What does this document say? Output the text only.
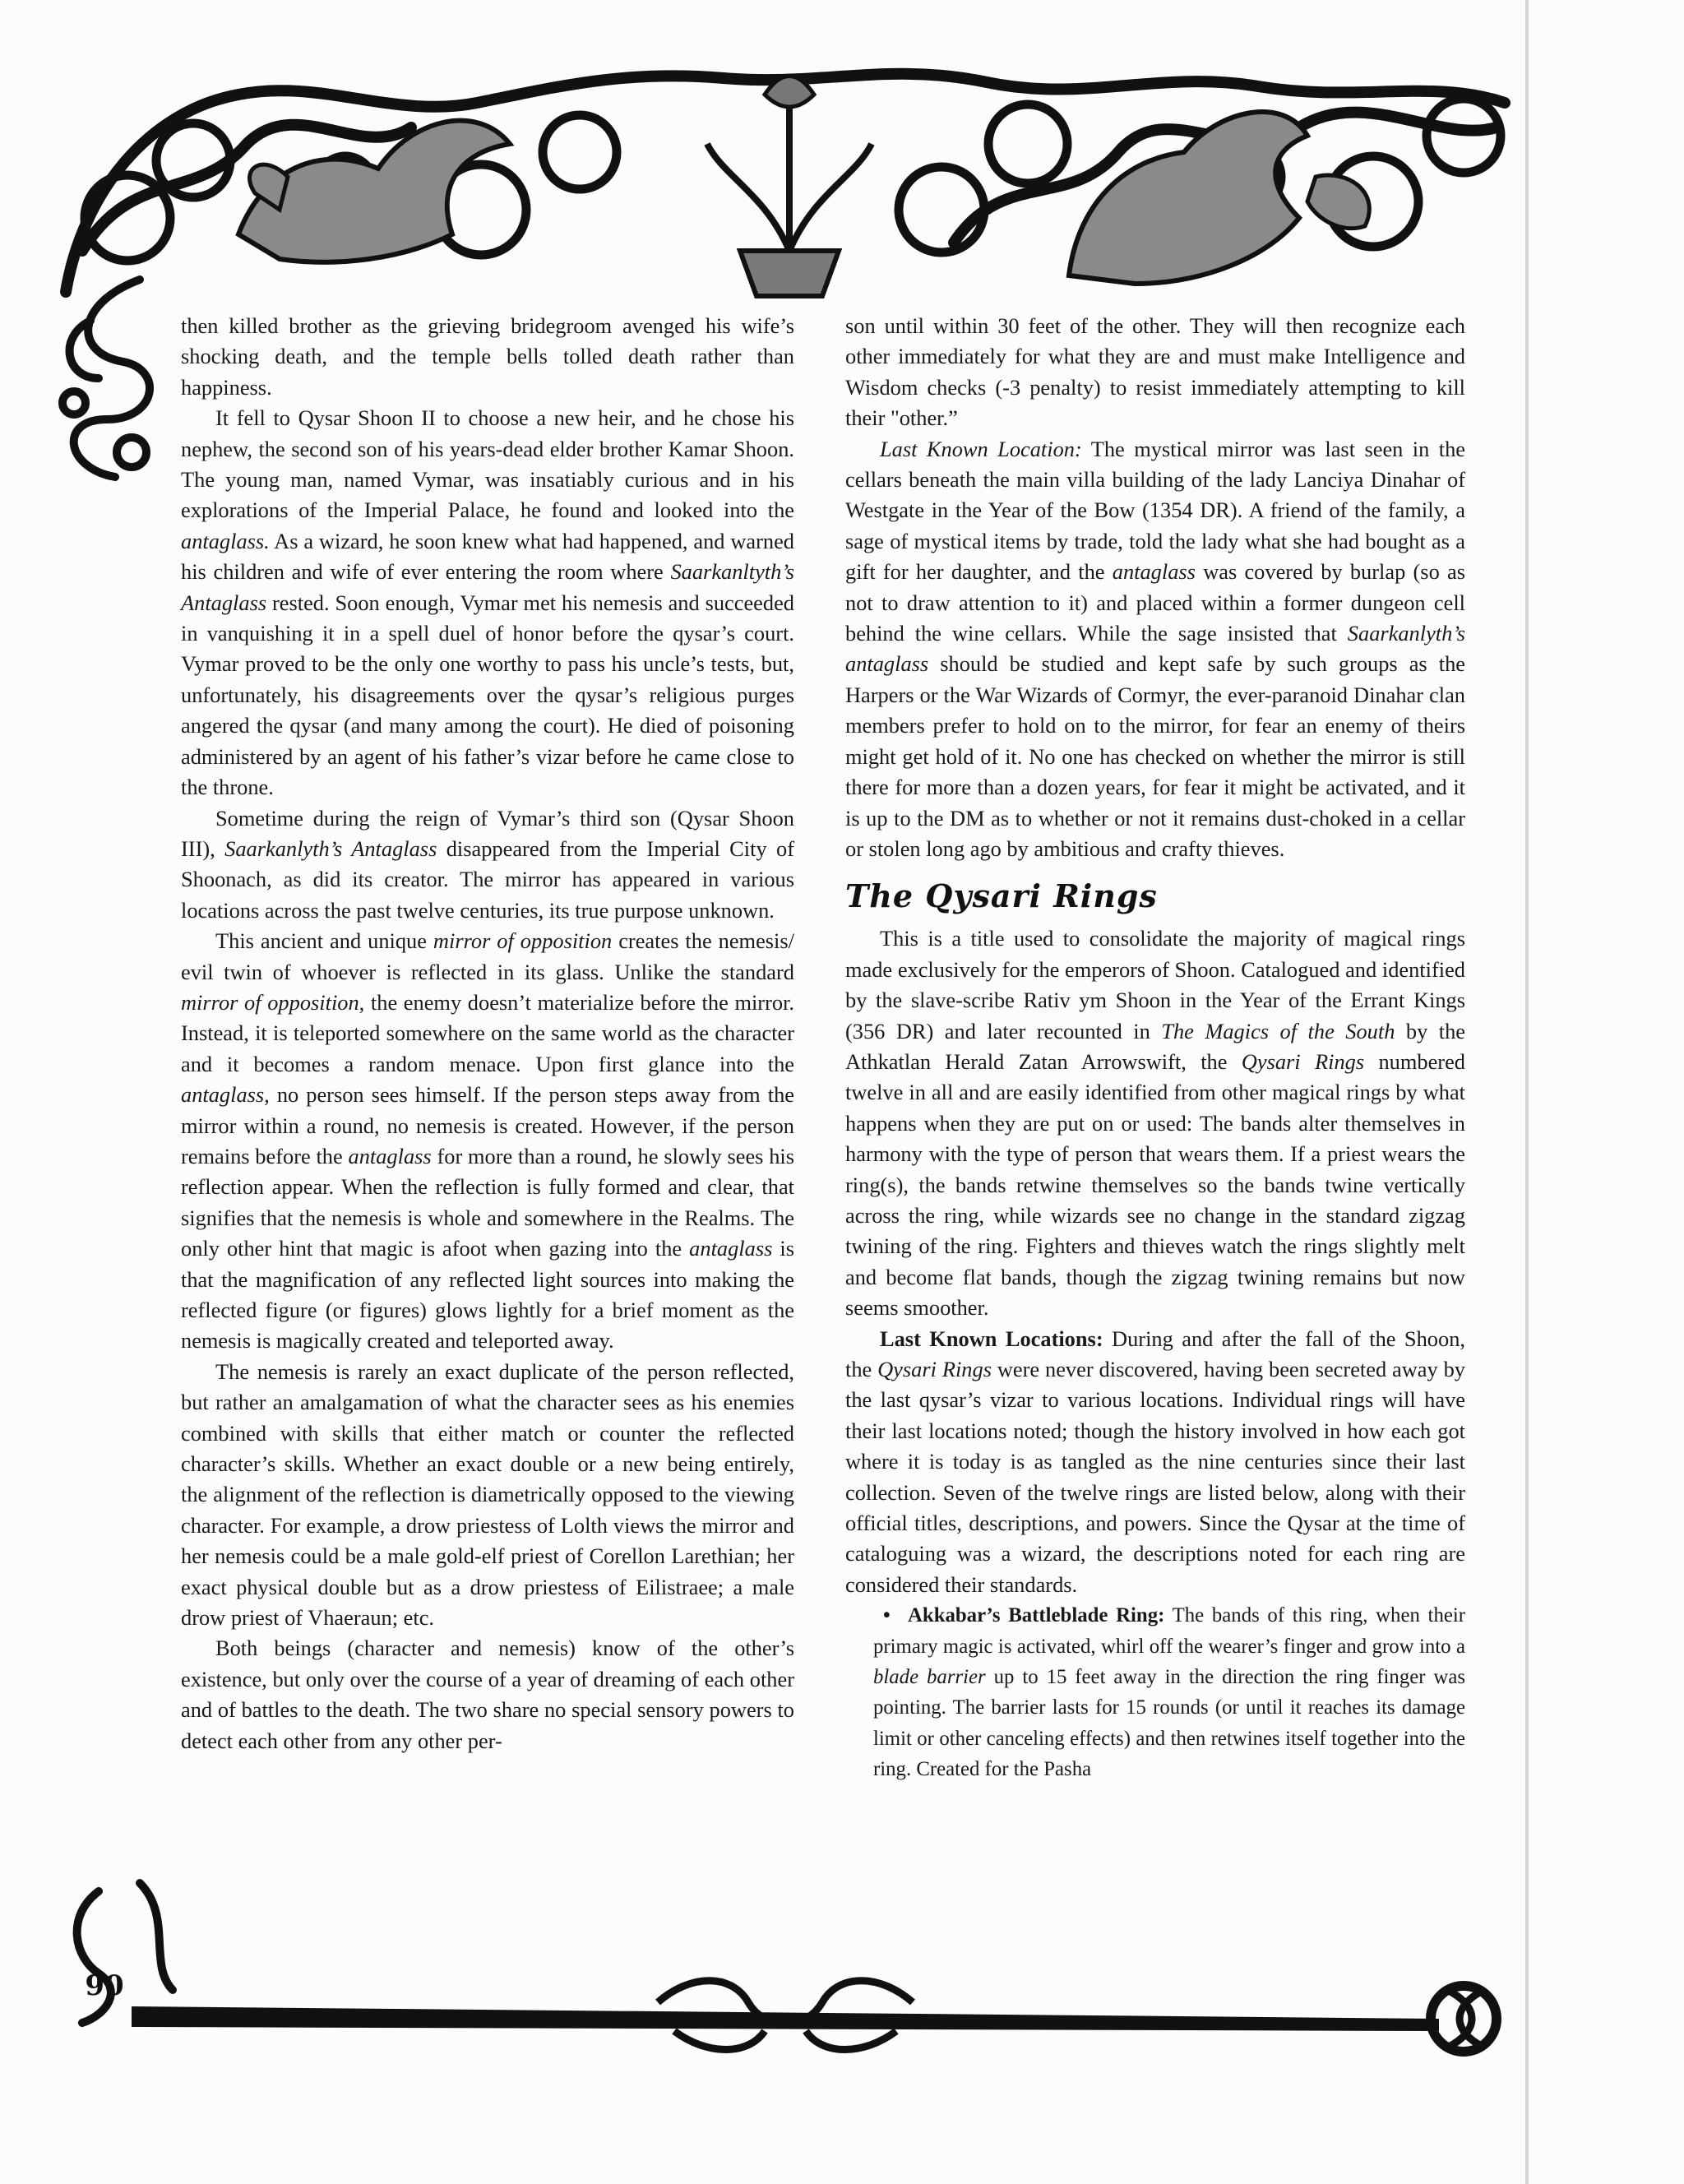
90

then killed brother as the grieving bridegroom avenged his wife’s shocking death, and the temple bells tolled death rather than happiness.

It fell to Qysar Shoon II to choose a new heir, and he chose his nephew, the second son of his years-dead elder brother Kamar Shoon. The young man, named Vymar, was insatiably curious and in his explorations of the Imperial Palace, he found and looked into the antaglass. As a wizard, he soon knew what had happened, and warned his children and wife of ever entering the room where Saarkanltyth’s Antaglass rested. Soon enough, Vymar met his nemesis and succeeded in vanquishing it in a spell duel of honor before the qysar’s court. Vymar proved to be the only one worthy to pass his uncle’s tests, but, unfortunately, his disagreements over the qysar’s religious purges angered the qysar (and many among the court). He died of poisoning administered by an agent of his father’s vizar before he came close to the throne.

Sometime during the reign of Vymar’s third son (Qysar Shoon III), Saarkanlyth’s Antaglass disappeared from the Imperial City of Shoonach, as did its creator. The mirror has appeared in various locations across the past twelve centuries, its true purpose unknown.

This ancient and unique mirror of opposition creates the nemesis/ evil twin of whoever is reflected in its glass. Unlike the standard mirror of opposition, the enemy doesn’t materialize before the mirror. Instead, it is teleported somewhere on the same world as the character and it becomes a random menace. Upon first glance into the antaglass, no person sees himself. If the person steps away from the mirror within a round, no nemesis is created. However, if the person remains before the antaglass for more than a round, he slowly sees his reflection appear. When the reflection is fully formed and clear, that signifies that the nemesis is whole and somewhere in the Realms. The only other hint that magic is afoot when gazing into the antaglass is that the magnification of any reflected light sources into making the reflected figure (or figures) glows lightly for a brief moment as the nemesis is magically created and teleported away.

The nemesis is rarely an exact duplicate of the person reflected, but rather an amalgamation of what the character sees as his enemies combined with skills that either match or counter the reflected character’s skills. Whether an exact double or a new being entirely, the alignment of the reflection is diametrically opposed to the viewing character. For example, a drow priestess of Lolth views the mirror and her nemesis could be a male gold-elf priest of Corellon Larethian; her exact physical double but as a drow priestess of Eilistraee; a male drow priest of Vhaeraun; etc.

Both beings (character and nemesis) know of the other’s existence, but only over the course of a year of dreaming of each other and of battles to the death. The two share no special sensory powers to detect each other from any other per-

son until within 30 feet of the other. They will then recognize each other immediately for what they are and must make Intelligence and Wisdom checks (-3 penalty) to resist immediately attempting to kill their "other.”

Last Known Location: The mystical mirror was last seen in the cellars beneath the main villa building of the lady Lanciya Dinahar of Westgate in the Year of the Bow (1354 DR). A friend of the family, a sage of mystical items by trade, told the lady what she had bought as a gift for her daughter, and the antaglass was covered by burlap (so as not to draw attention to it) and placed within a former dungeon cell behind the wine cellars. While the sage insisted that Saarkanlyth’s antaglass should be studied and kept safe by such groups as the Harpers or the War Wizards of Cormyr, the ever-paranoid Dinahar clan members prefer to hold on to the mirror, for fear an enemy of theirs might get hold of it. No one has checked on whether the mirror is still there for more than a dozen years, for fear it might be activated, and it is up to the DM as to whether or not it remains dust-choked in a cellar or stolen long ago by ambitious and crafty thieves.

The Qysari Rings

This is a title used to consolidate the majority of magical rings made exclusively for the emperors of Shoon. Catalogued and identified by the slave-scribe Rativ ym Shoon in the Year of the Errant Kings (356 DR) and later recounted in The Magics of the South by the Athkatlan Herald Zatan Arrowswift, the Qysari Rings numbered twelve in all and are easily identified from other magical rings by what happens when they are put on or used: The bands alter themselves in harmony with the type of person that wears them. If a priest wears the ring(s), the bands retwine themselves so the bands twine vertically across the ring, while wizards see no change in the standard zigzag twining of the ring. Fighters and thieves watch the rings slightly melt and become flat bands, though the zigzag twining remains but now seems smoother.

Last Known Locations: During and after the fall of the Shoon, the Qysari Rings were never discovered, having been secreted away by the last qysar’s vizar to various locations. Individual rings will have their last locations noted; though the history involved in how each got where it is today is as tangled as the nine centuries since their last collection. Seven of the twelve rings are listed below, along with their official titles, descriptions, and powers. Since the Qysar at the time of cataloguing was a wizard, the descriptions noted for each ring are considered their standards.

• Akkabar’s Battleblade Ring: The bands of this ring, when their primary magic is activated, whirl off the wearer’s finger and grow into a blade barrier up to 15 feet away in the direction the ring finger was pointing. The barrier lasts for 15 rounds (or until it reaches its damage limit or other canceling effects) and then retwines itself together into the ring. Created for the Pasha
